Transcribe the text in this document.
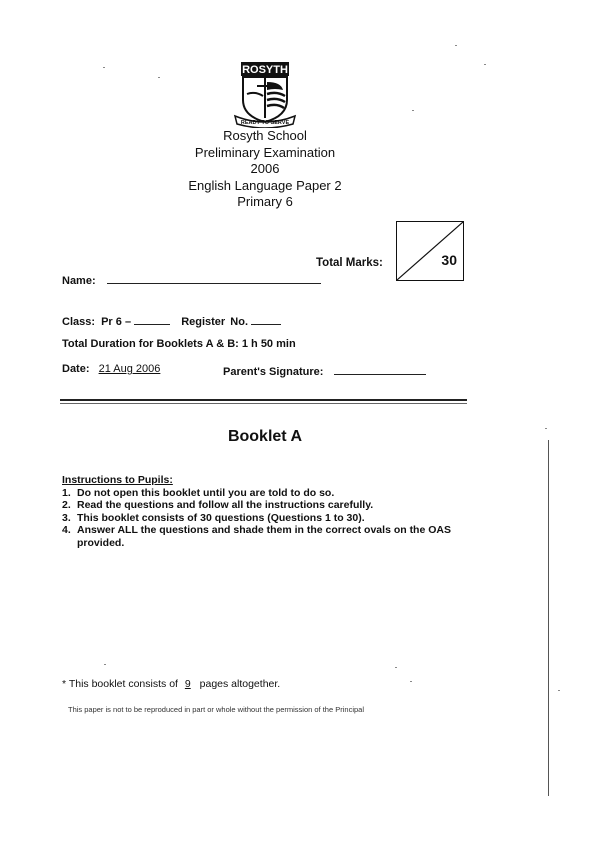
ROSYTH
READY TO SERVE
Rosyth School
Preliminary Examination
2006
English Language Paper 2
Primary 6
Total Marks:	30
Name:
Class: Pr 6 –	Register No.
Total Duration for Booklets A & B: 1 h 50 min
Date: 21 Aug 2006	Parent's Signature:
Booklet A
Instructions to Pupils:
1. Do not open this booklet until you are told to do so.
2. Read the questions and follow all the instructions carefully.
3. This booklet consists of 30 questions (Questions 1 to 30).
4. Answer ALL the questions and shade them in the correct ovals on the OAS provided.
* This booklet consists of 9 pages altogether.
This paper is not to be reproduced in part or whole without the permission of the Principal
